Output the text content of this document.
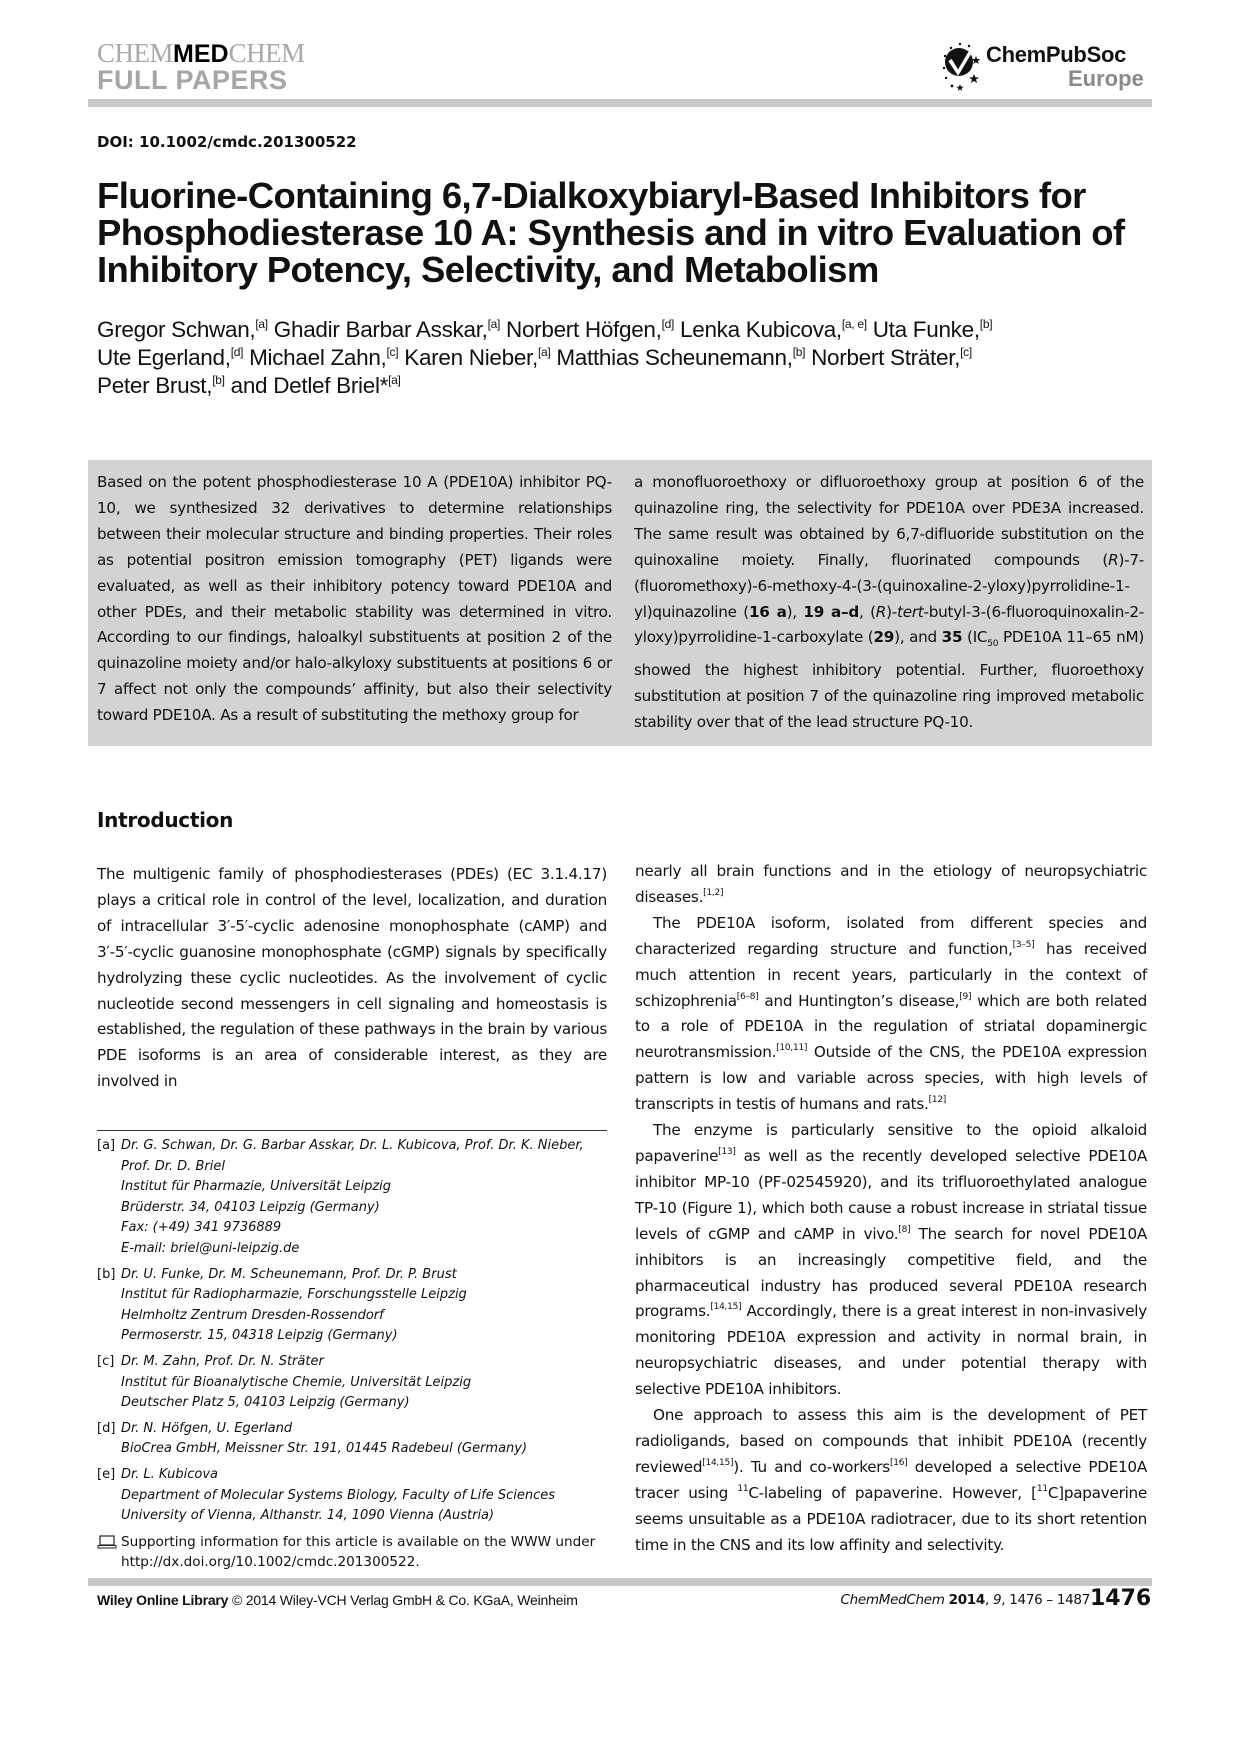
CHEMMEDCHEM
FULL PAPERS
ChemPubSoc
Europe
DOI: 10.1002/cmdc.201300522
Fluorine-Containing 6,7-Dialkoxybiaryl-Based Inhibitors for Phosphodiesterase 10 A: Synthesis and in vitro Evaluation of Inhibitory Potency, Selectivity, and Metabolism
Gregor Schwan,[a] Ghadir Barbar Asskar,[a] Norbert Höfgen,[d] Lenka Kubicova,[a, e] Uta Funke,[b]
Ute Egerland,[d] Michael Zahn,[c] Karen Nieber,[a] Matthias Scheunemann,[b] Norbert Sträter,[c]
Peter Brust,[b] and Detlef Briel*[a]

Based on the potent phosphodiesterase 10 A (PDE10A) inhibitor PQ-10, we synthesized 32 derivatives to determine relationships between their molecular structure and binding properties. Their roles as potential positron emission tomography (PET) ligands were evaluated, as well as their inhibitory potency toward PDE10A and other PDEs, and their metabolic stability was determined in vitro. According to our findings, haloalkyl substituents at position 2 of the quinazoline moiety and/or halo-alkyloxy substituents at positions 6 or 7 affect not only the compounds’ affinity, but also their selectivity toward PDE10A. As a result of substituting the methoxy group for

a monofluoroethoxy or difluoroethoxy group at position 6 of the quinazoline ring, the selectivity for PDE10A over PDE3A increased. The same result was obtained by 6,7-difluoride substitution on the quinoxaline moiety. Finally, fluorinated compounds (R)-7-(fluoromethoxy)-6-methoxy-4-(3-(quinoxaline-2-yloxy)pyrrolidine-1-yl)quinazoline (16 a), 19 a–d, (R)-tert-butyl-3-(6-fluoroquinoxalin-2-yloxy)pyrrolidine-1-carboxylate (29), and 35 ($IC_{50}$ PDE10A 11–65 nM) showed the highest inhibitory potential. Further, fluoroethoxy substitution at position 7 of the quinazoline ring improved metabolic stability over that of the lead structure PQ-10.

Introduction

The multigenic family of phosphodiesterases (PDEs) (EC 3.1.4.17) plays a critical role in control of the level, localization, and duration of intracellular 3′-5′-cyclic adenosine monophosphate (cAMP) and 3′-5′-cyclic guanosine monophosphate (cGMP) signals by specifically hydrolyzing these cyclic nucleotides. As the involvement of cyclic nucleotide second messengers in cell signaling and homeostasis is established, the regulation of these pathways in the brain by various PDE isoforms is an area of considerable interest, as they are involved in

nearly all brain functions and in the etiology of neuropsychiatric diseases.[1,2]

The PDE10A isoform, isolated from different species and characterized regarding structure and function,[3–5] has received much attention in recent years, particularly in the context of schizophrenia[6–8] and Huntington’s disease,[9] which are both related to a role of PDE10A in the regulation of striatal dopaminergic neurotransmission.[10,11] Outside of the CNS, the PDE10A expression pattern is low and variable across species, with high levels of transcripts in testis of humans and rats.[12]

The enzyme is particularly sensitive to the opioid alkaloid papaverine[13] as well as the recently developed selective PDE10A inhibitor MP-10 (PF-02545920), and its trifluoroethylated analogue TP-10 (Figure 1), which both cause a robust increase in striatal tissue levels of cGMP and cAMP in vivo.[8] The search for novel PDE10A inhibitors is an increasingly competitive field, and the pharmaceutical industry has produced several PDE10A research programs.[14,15] Accordingly, there is a great interest in non-invasively monitoring PDE10A expression and activity in normal brain, in neuropsychiatric diseases, and under potential therapy with selective PDE10A inhibitors.

One approach to assess this aim is the development of PET radioligands, based on compounds that inhibit PDE10A (recently reviewed[14,15]). Tu and co-workers[16] developed a selective PDE10A tracer using $^{11}$C-labeling of papaverine. However, [$^{11}$C]papaverine seems unsuitable as a PDE10A radiotracer, due to its short retention time in the CNS and its low affinity and selectivity.

[a] Dr. G. Schwan, Dr. G. Barbar Asskar, Dr. L. Kubicova, Prof. Dr. K. Nieber,
Prof. Dr. D. Briel
Institut für Pharmazie, Universität Leipzig
Brüderstr. 34, 04103 Leipzig (Germany)
Fax: (+49) 341 9736889
E-mail: briel@uni-leipzig.de
[b] Dr. U. Funke, Dr. M. Scheunemann, Prof. Dr. P. Brust
Institut für Radiopharmazie, Forschungsstelle Leipzig
Helmholtz Zentrum Dresden-Rossendorf
Permoserstr. 15, 04318 Leipzig (Germany)
[c] Dr. M. Zahn, Prof. Dr. N. Sträter
Institut für Bioanalytische Chemie, Universität Leipzig
Deutscher Platz 5, 04103 Leipzig (Germany)
[d] Dr. N. Höfgen, U. Egerland
BioCrea GmbH, Meissner Str. 191, 01445 Radebeul (Germany)
[e] Dr. L. Kubicova
Department of Molecular Systems Biology, Faculty of Life Sciences
University of Vienna, Althanstr. 14, 1090 Vienna (Austria)
Supporting information for this article is available on the WWW under
http://dx.doi.org/10.1002/cmdc.201300522.
Wiley Online Library © 2014 Wiley-VCH Verlag GmbH & Co. KGaA, Weinheim	ChemMedChem 2014, 9, 1476 – 1487 1476
